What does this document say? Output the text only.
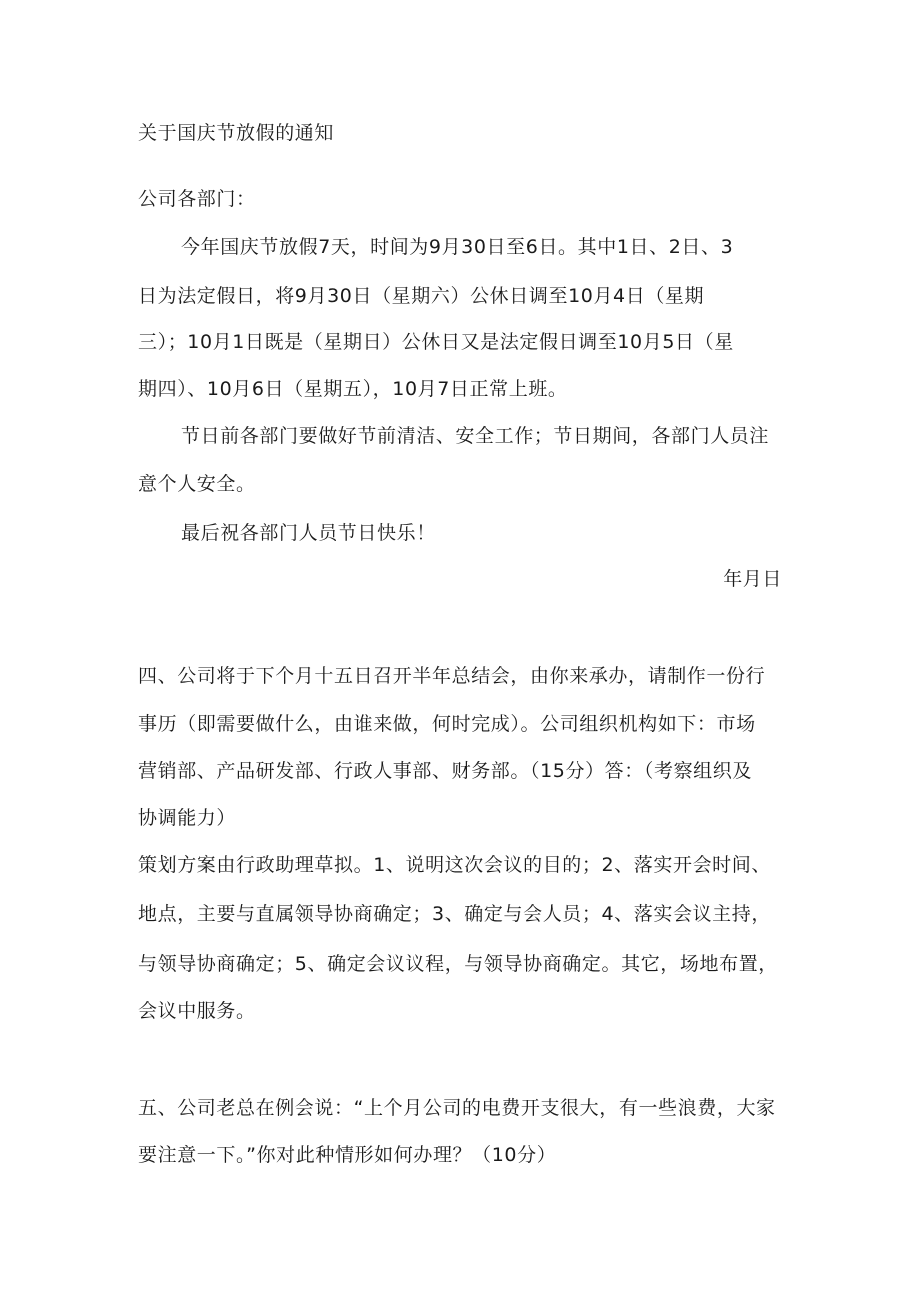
关于国庆节放假的通知
公司各部门：
今年国庆节放假7天，时间为9月30日至6日。其中1日、2日、3
日为法定假日，将9月30日（星期六）公休日调至10月4日（星期
三）；10月1日既是（星期日）公休日又是法定假日调至10月5日（星
期四）、10月6日（星期五），10月7日正常上班。
节日前各部门要做好节前清洁、安全工作；节日期间，各部门人员注
意个人安全。
最后祝各部门人员节日快乐！
年月日
四、公司将于下个月十五日召开半年总结会，由你来承办，请制作一份行
事历（即需要做什么，由谁来做，何时完成）。公司组织机构如下：市场
营销部、产品研发部、行政人事部、财务部。（15分）答：（考察组织及
协调能力）
策划方案由行政助理草拟。1、说明这次会议的目的；2、落实开会时间、
地点，主要与直属领导协商确定；3、确定与会人员；4、落实会议主持，
与领导协商确定；5、确定会议议程，与领导协商确定。其它，场地布置，
会议中服务。
五、公司老总在例会说：“上个月公司的电费开支很大，有一些浪费，大家
要注意一下。”你对此种情形如何办理？（10分）
